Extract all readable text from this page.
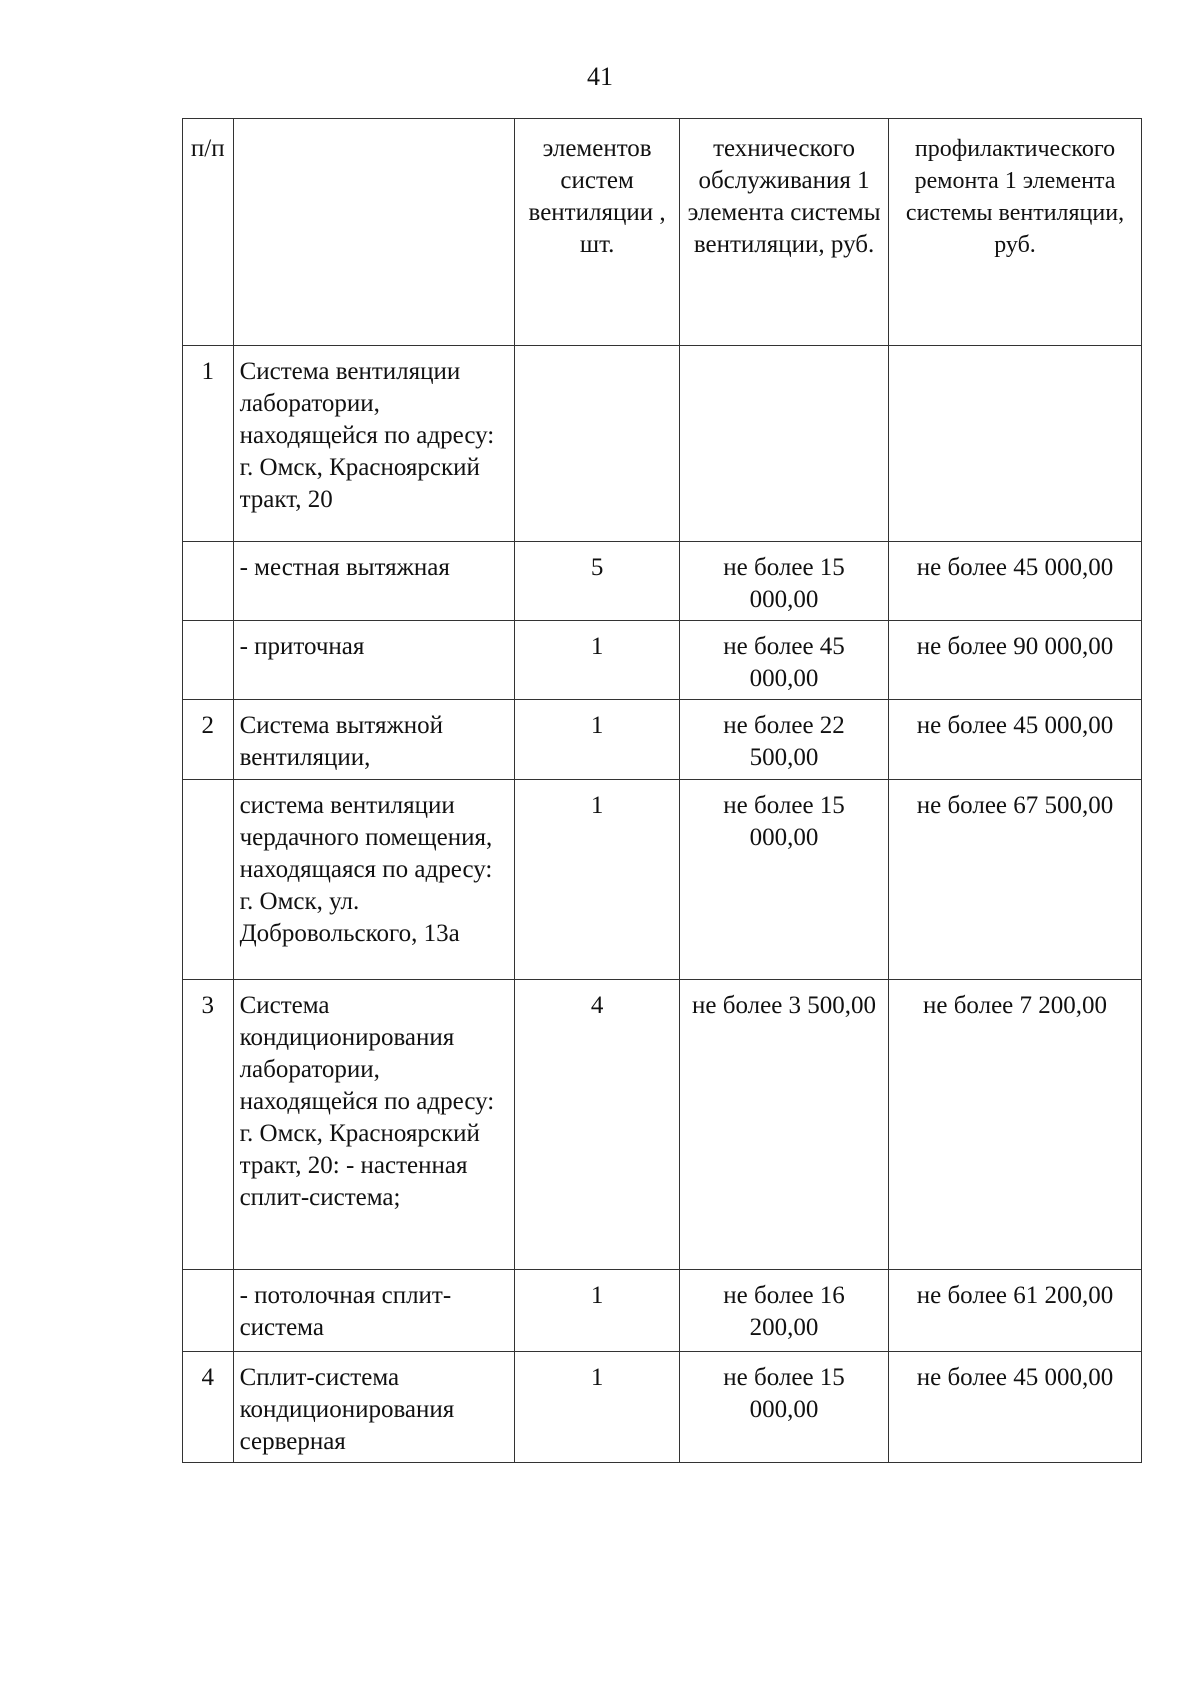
41
п/п		элементов систем вентиляции , шт.	технического обслуживания 1 элемента системы вентиляции, руб.	профилактического ремонта 1 элемента системы вентиляции, руб.
1	Система вентиляции лаборатории, находящейся по адресу: г. Омск, Красноярский тракт, 20			
	- местная вытяжная	5	не более 15 000,00	не более 45 000,00
	- приточная	1	не более 45 000,00	не более 90 000,00
2	Система вытяжной вентиляции,	1	не более 22 500,00	не более 45 000,00
	система вентиляции чердачного помещения, находящаяся по адресу: г. Омск, ул. Добровольского, 13а	1	не более 15 000,00	не более 67 500,00
3	Система кондиционирования лаборатории, находящейся по адресу: г. Омск, Красноярский тракт, 20: - настенная сплит-система;	4	не более 3 500,00	не более 7 200,00
	- потолочная сплит-система	1	не более 16 200,00	не более 61 200,00
4	Сплит-система кондиционирования серверная	1	не более 15 000,00	не более 45 000,00
